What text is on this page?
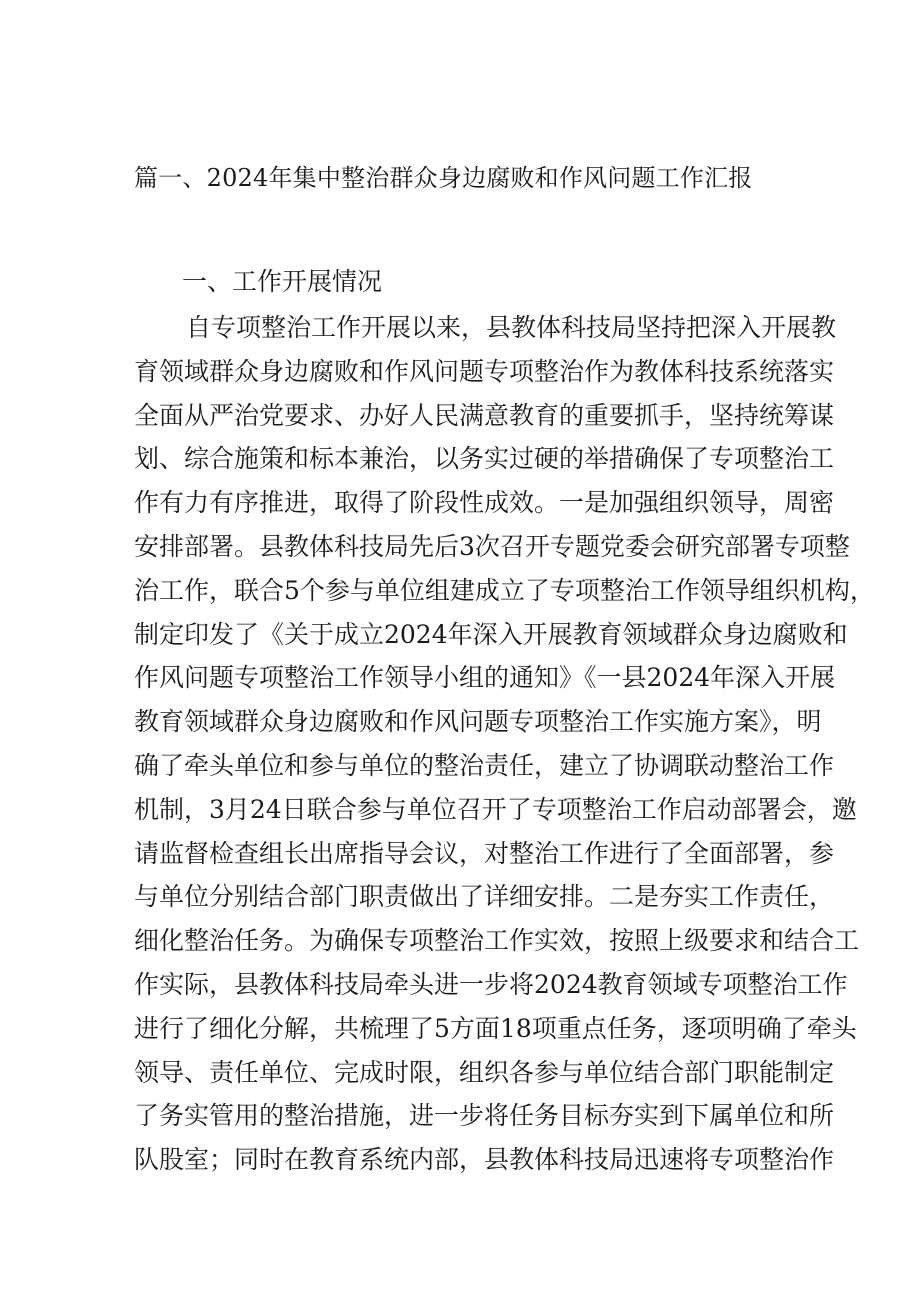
篇一、2024年集中整治群众身边腐败和作风问题工作汇报
一、工作开展情况
自专项整治工作开展以来，县教体科技局坚持把深入开展教
育领域群众身边腐败和作风问题专项整治作为教体科技系统落实
全面从严治党要求、办好人民满意教育的重要抓手，坚持统筹谋
划、综合施策和标本兼治，以务实过硬的举措确保了专项整治工
作有力有序推进，取得了阶段性成效。一是加强组织领导，周密
安排部署。县教体科技局先后3次召开专题党委会研究部署专项整
治工作，联合5个参与单位组建成立了专项整治工作领导组织机构，
制定印发了《关于成立2024年深入开展教育领域群众身边腐败和
作风问题专项整治工作领导小组的通知》《一县2024年深入开展
教育领域群众身边腐败和作风问题专项整治工作实施方案》，明
确了牵头单位和参与单位的整治责任，建立了协调联动整治工作
机制，3月24日联合参与单位召开了专项整治工作启动部署会，邀
请监督检查组长出席指导会议，对整治工作进行了全面部署，参
与单位分别结合部门职责做出了详细安排。二是夯实工作责任，
细化整治任务。为确保专项整治工作实效，按照上级要求和结合工
作实际，县教体科技局牵头进一步将2024教育领域专项整治工作
进行了细化分解，共梳理了5方面18项重点任务，逐项明确了牵头
领导、责任单位、完成时限，组织各参与单位结合部门职能制定
了务实管用的整治措施，进一步将任务目标夯实到下属单位和所
队股室；同时在教育系统内部，县教体科技局迅速将专项整治作
